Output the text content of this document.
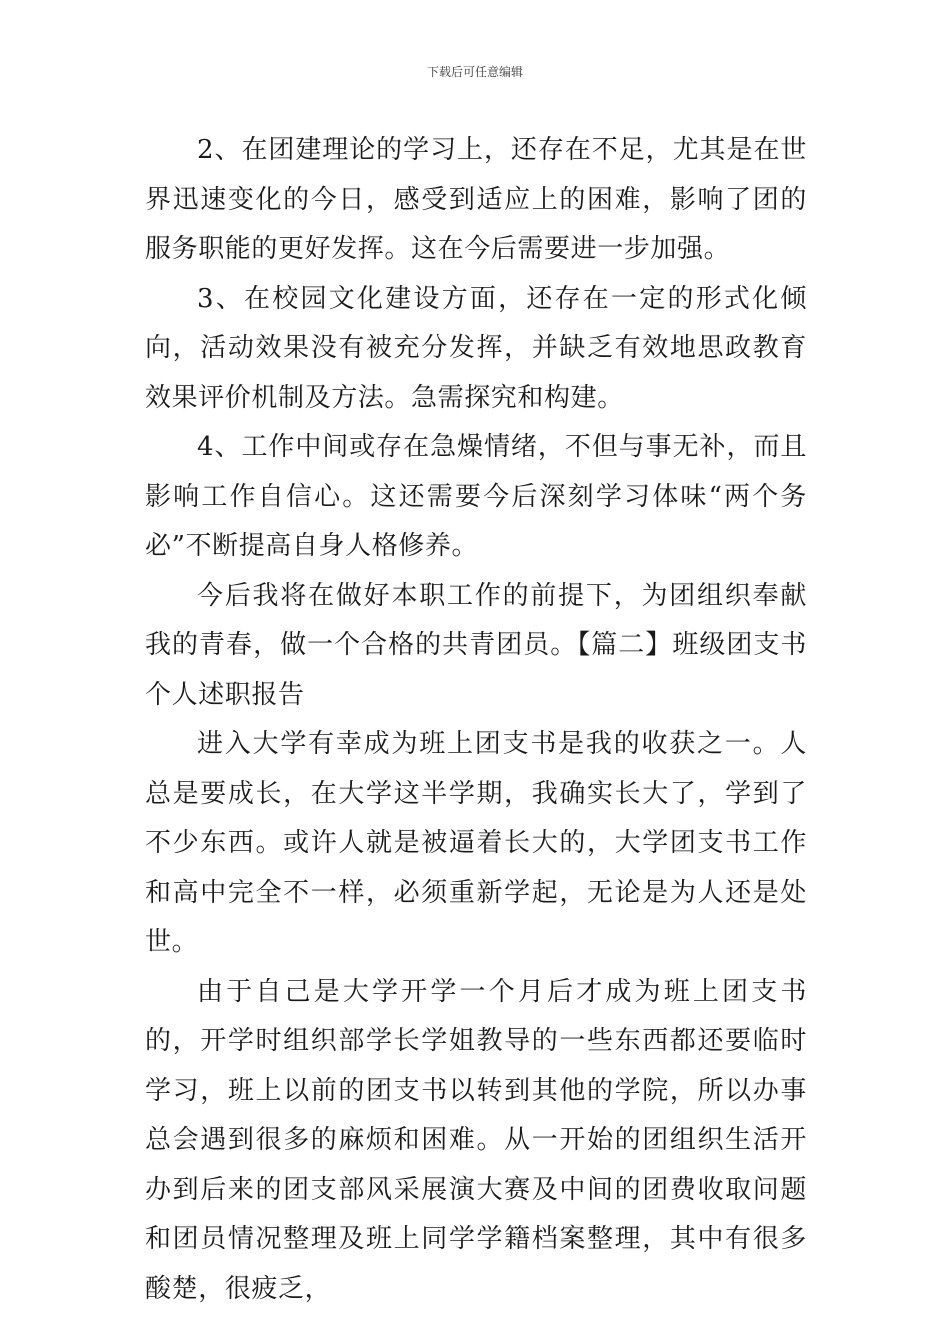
下载后可任意编辑

2、在团建理论的学习上，还存在不足，尤其是在世界迅速变化的今日，感受到适应上的困难，影响了团的服务职能的更好发挥。这在今后需要进一步加强。

3、在校园文化建设方面，还存在一定的形式化倾向，活动效果没有被充分发挥，并缺乏有效地思政教育效果评价机制及方法。急需探究和构建。

4、工作中间或存在急燥情绪，不但与事无补，而且影响工作自信心。这还需要今后深刻学习体味“两个务必”不断提高自身人格修养。

今后我将在做好本职工作的前提下，为团组织奉献我的青春，做一个合格的共青团员。【篇二】班级团支书个人述职报告

进入大学有幸成为班上团支书是我的收获之一。人总是要成长，在大学这半学期，我确实长大了，学到了不少东西。或许人就是被逼着长大的，大学团支书工作和高中完全不一样，必须重新学起，无论是为人还是处世。

由于自己是大学开学一个月后才成为班上团支书的，开学时组织部学长学姐教导的一些东西都还要临时学习，班上以前的团支书以转到其他的学院，所以办事总会遇到很多的麻烦和困难。从一开始的团组织生活开办到后来的团支部风采展演大赛及中间的团费收取问题和团员情况整理及班上同学学籍档案整理，其中有很多酸楚，很疲乏，
